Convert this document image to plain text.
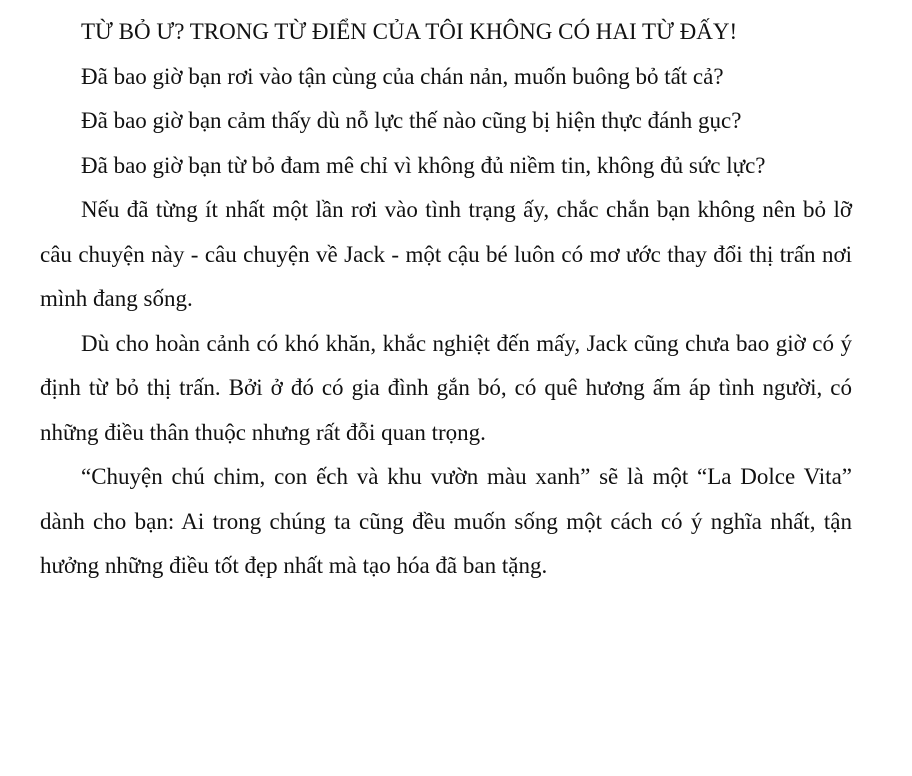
TỪ BỎ Ư? TRONG TỪ ĐIỂN CỦA TÔI KHÔNG CÓ HAI TỪ ĐẤY!

Đã bao giờ bạn rơi vào tận cùng của chán nản, muốn buông bỏ tất cả?

Đã bao giờ bạn cảm thấy dù nỗ lực thế nào cũng bị hiện thực đánh gục?

Đã bao giờ bạn từ bỏ đam mê chỉ vì không đủ niềm tin, không đủ sức lực?

Nếu đã từng ít nhất một lần rơi vào tình trạng ấy, chắc chắn bạn không nên bỏ lỡ câu chuyện này - câu chuyện về Jack - một cậu bé luôn có mơ ước thay đổi thị trấn nơi mình đang sống.

Dù cho hoàn cảnh có khó khăn, khắc nghiệt đến mấy, Jack cũng chưa bao giờ có ý định từ bỏ thị trấn. Bởi ở đó có gia đình gắn bó, có quê hương ấm áp tình người, có những điều thân thuộc nhưng rất đỗi quan trọng.

“Chuyện chú chim, con ếch và khu vườn màu xanh” sẽ là một “La Dolce Vita” dành cho bạn: Ai trong chúng ta cũng đều muốn sống một cách có ý nghĩa nhất, tận hưởng những điều tốt đẹp nhất mà tạo hóa đã ban tặng.
